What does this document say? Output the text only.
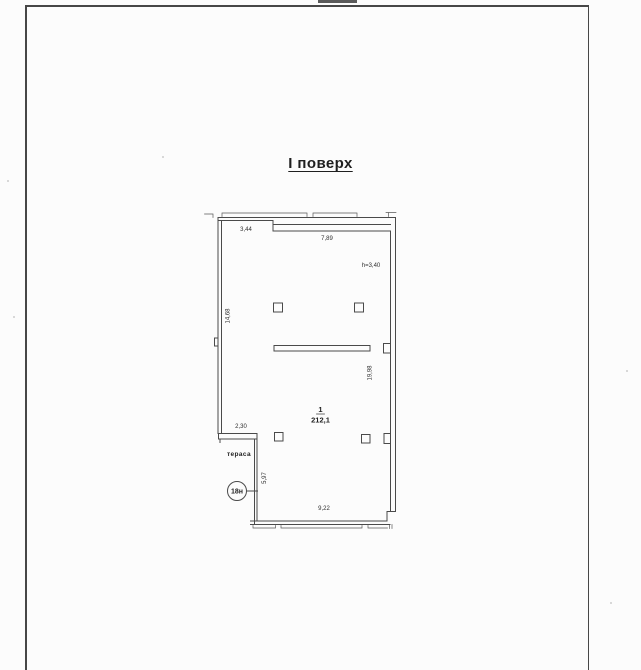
І поверх
18н
3,44
7,89
h=3,40
14,68
19,98
2,30
тераса
5,97
9,22
1
212,1
